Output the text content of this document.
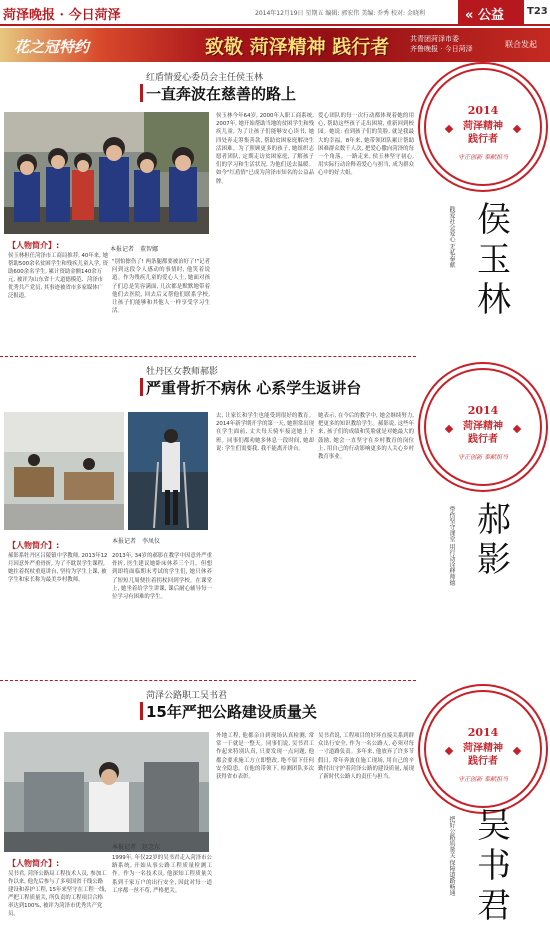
菏泽晚报 · 今日菏泽	2014年12月19日 星期五 编辑: 郭宏伟 美编: 乔秀 校对: 金晓利	« 公益	T23
花之冠特约	致敬 菏泽精神 践行者	共青团菏泽市委
齐鲁晚报 · 今日菏泽	联合发起
红盾情爱心委员会主任侯玉林
一直奔波在慈善的路上
【人物简介】:
侯玉林担任菏泽市工商局推荐, 40年来, 她帮助500余名贫困学生和残疾儿童入学, 资助600余名学生, 累计资助金额140余万元, 被评为山东省十大道德模范、菏泽市优秀共产党员, 其事迹被省市多家媒体广泛报道。
本报记者　董智娜
"别怕擦伤了! 两条腿都要被治好了!"记者问到这段令人感动的事情时, 他笑着说道。作为残疾儿童的爱心人士, 她面对孩子们总是笑容满面, 几次都是默默地带着他们去医院, 回去后又帮他们联系学校, 让孩子们能够和其他人一样享受学习生活。
侯玉林今年64岁, 2000年入职工商系统, 2007年, 她开始帮助当地的贫困学生和残疾儿童, 为了让孩子们能够安心读书, 她四处奔走筹集善款, 帮助贫困家庭解决生活困难。为了照顾更多的孩子, 她组织志愿者团队, 定期走访贫困家庭, 了解孩子们的学习和生活状况, 为他们送去温暖。如今"红盾情"已成为菏泽市知名的公益品牌。
爱心团队的每一次行动都体现着她的用心, 帮助这些孩子走出困境, 重新回到校园。她说: 看到孩子们的笑脸, 就是我最大的幸福。8年来, 她带领团队累计帮助困难群众数千人次, 把爱心撒向菏泽的每一个角落。一路走来, 侯玉林坚守初心, 用实际行动诠释着爱心与担当, 成为群众心中的好大姐。
牡丹区女教师郝影
严重骨折不病休 心系学生返讲台
【人物简介】:
郝影系牡丹区吕陵镇中学教师, 2013年12月因意外严重骨折, 为了不耽误学生课程, 她拄着拐杖重返讲台, 坚持为学生上课, 被学生和家长称为最美乡村教师。
本报记者　李凤仪
2013年, 34岁的郝影在教学中因意外严重骨折, 医生建议她卧床休养三个月。但想到即将面临期末考试的学生们, 她只休养了短短几周便拄着拐杖回到学校。在课堂上, 她坐着给学生讲课, 课后耐心辅导每一位学习有困难的学生。
去, 让家长和学生也能受到很好的教育。2014年新学期开学的第一天, 她照常出现在学生面前, 丈夫每天骑车接送她上下班。同事们都劝她多休息一段时间, 她却说: 学生们需要我, 我不能离开讲台。
她表示, 在今后的教学中, 她会继续努力, 把更多的知识教给学生。郝影说, 这些年来, 孩子们的成绩和笑脸就是对她最大的鼓励, 她会一直坚守在乡村教育的岗位上, 用自己的行动影响更多的人关心乡村教育事业。
菏泽公路职工吴书君
15年严把公路建设质量关
【人物简介】:
吴书君, 菏泽公路局工程技术人员, 参加工作以来, 他先后参与了多项国省干线公路建设和养护工程, 15年来坚守在工程一线, 严把工程质量关, 所负责的工程项目合格率达到100%, 被评为菏泽市优秀共产党员。
本报记者　赵念东
外地工程, 他都亲自到现场认真检测, 常常一干就是一整天。同事们说, 吴书君工作起来特别认真, 只要发现一点问题, 他都会要求施工方立即整改, 绝不留下任何安全隐患。在他的带领下, 检测团队多次获得省市表彰。
吴书君说, 工程项目的好坏直接关系到群众出行安全, 作为一名公路人, 必须对每一寸道路负责。多年来, 他放弃了许多节假日, 常年奔波在施工现场, 用自己的辛勤付出守护着菏泽公路的建设质量, 展现了新时代公路人的责任与担当。
1999年, 年仅22岁的吴书君走入菏泽市公路系统, 开始从事公路工程质量检测工作。作为一名技术员, 他深知工程质量关系到千家万户的出行安全, 因此对每一道工序都一丝不苟, 严格把关。
2014
菏泽精神
践行者
守正创新 奉献担当
践爱社会爱心 无私奉献 侯
玉
林
2014
菏泽精神
践行者
守正创新 奉献担当
带伤坚守课堂 用行动诠释师德 郝
影
2014
菏泽精神
践行者
守正创新 奉献担当
把好公路质量关 保障道路畅通 吴
书
君
